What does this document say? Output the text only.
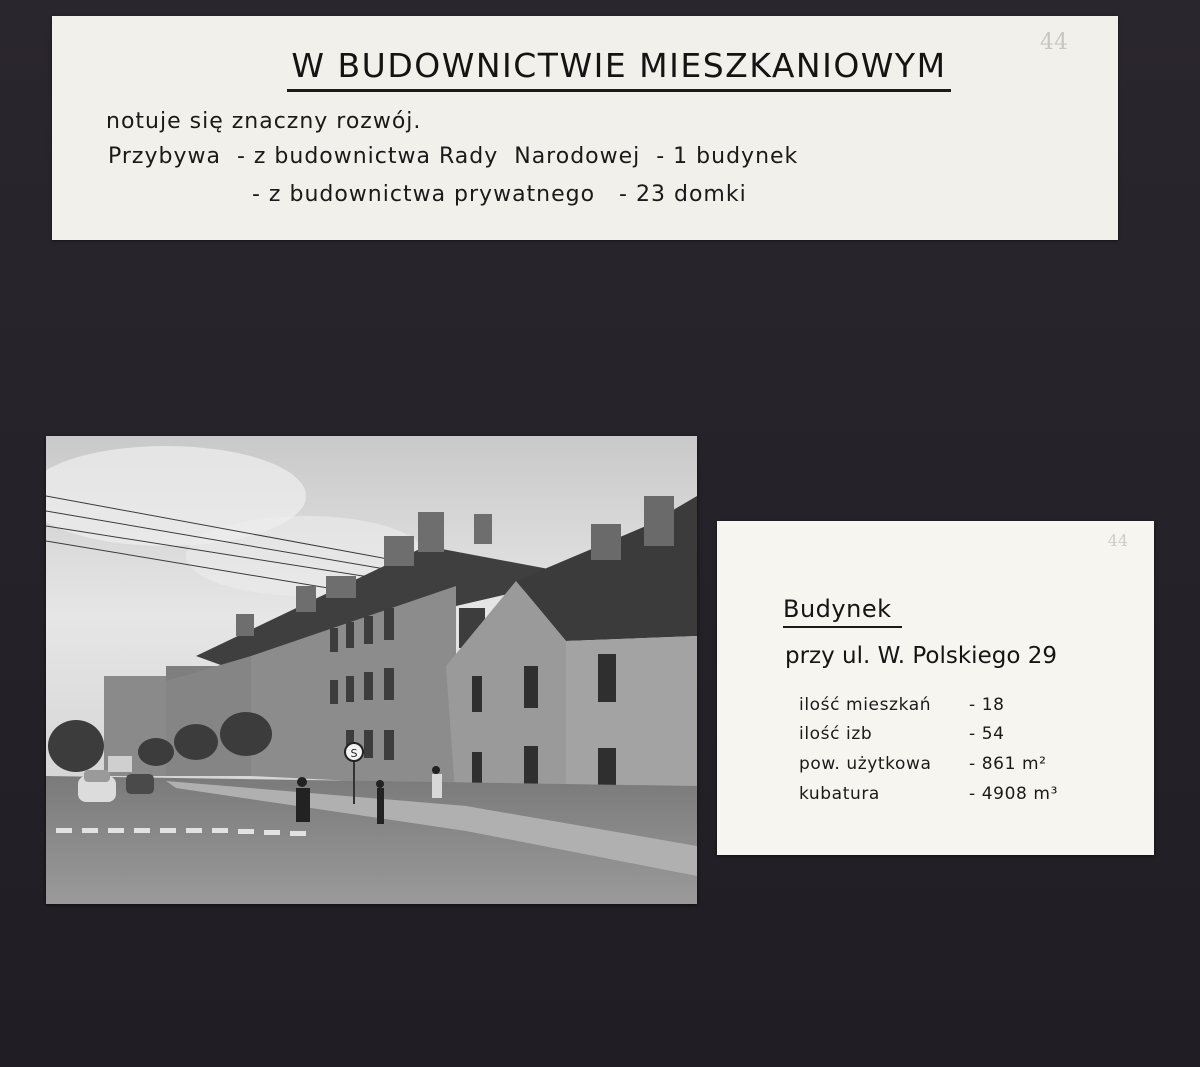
W BUDOWNICTWIE MIESZKANIOWYM
44
notuje się znaczny rozwój.
Przybywa  - z budownictwa Rady  Narodowej  - 1 budynek
- z budownictwa prywatnego   - 23 domki
S
44
Budynek
przy ul. W. Polskiego 29
ilość mieszkań - 18
ilość izb	- 54
pow. użytkowa - 861 m²
kubatura	- 4908 m³
